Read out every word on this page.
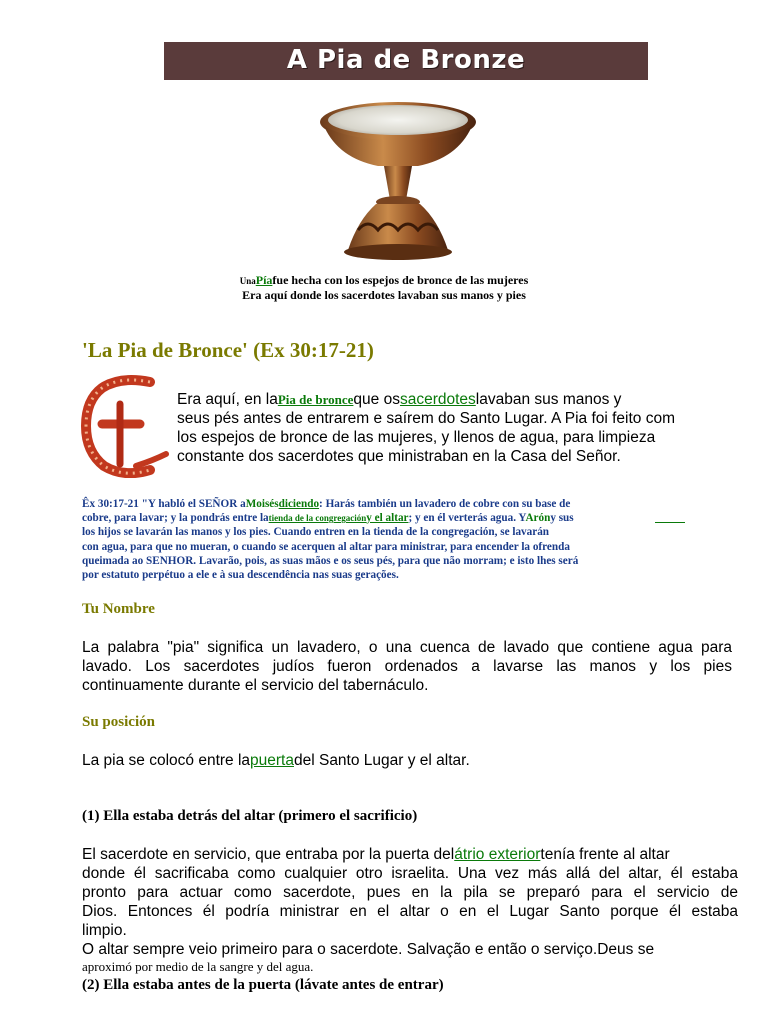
A Pia de Bronze
UnaPíafue hecha con los espejos de bronce de las mujeres
Era aquí donde los sacerdotes lavaban sus manos y pies
'La Pia de Bronce' (Ex 30:17-21)
Era aquí, en laPia de bronceque ossacerdoteslavaban sus manos y
seus pés antes de entrarem e saírem do Santo Lugar. A Pia foi feito com
los espejos de bronce de las mujeres, y llenos de agua, para limpieza
constante dos sacerdotes que ministraban en la Casa del Señor.
Êx 30:17-21 "Y habló el SEÑOR aMoisésdiciendo: Harás también un lavadero de cobre con su base de
cobre, para lavar; y la pondrás entre latienda de la congregacióny el altar; y en él verterás agua. YAróny sus
los hijos se lavarán las manos y los pies. Cuando entren en la tienda de la congregación, se lavarán
con agua, para que no mueran, o cuando se acerquen al altar para ministrar, para encender la ofrenda
queimada ao SENHOR. Lavarão, pois, as suas mãos e os seus pés, para que não morram; e isto lhes será
por estatuto perpétuo a ele e à sua descendência nas suas gerações.
Tu Nombre
La palabra "pia" significa un lavadero, o una cuenca de lavado que contiene agua para
lavado. Los sacerdotes judíos fueron ordenados a lavarse las manos y los pies
continuamente durante el servicio del tabernáculo.
Su posición
La pia se colocó entre lapuertadel Santo Lugar y el altar.
(1) Ella estaba detrás del altar (primero el sacrificio)
El sacerdote en servicio, que entraba por la puerta delátrio exteriortenía frente al altar
donde él sacrificaba como cualquier otro israelita. Una vez más allá del altar, él estaba
pronto para actuar como sacerdote, pues en la pila se preparó para el servicio de
Dios. Entonces él podría ministrar en el altar o en el Lugar Santo porque él estaba
limpio.
O altar sempre veio primeiro para o sacerdote. Salvação e então o serviço.Deus se
aproximó por medio de la sangre y del agua.
(2) Ella estaba antes de la puerta (lávate antes de entrar)
